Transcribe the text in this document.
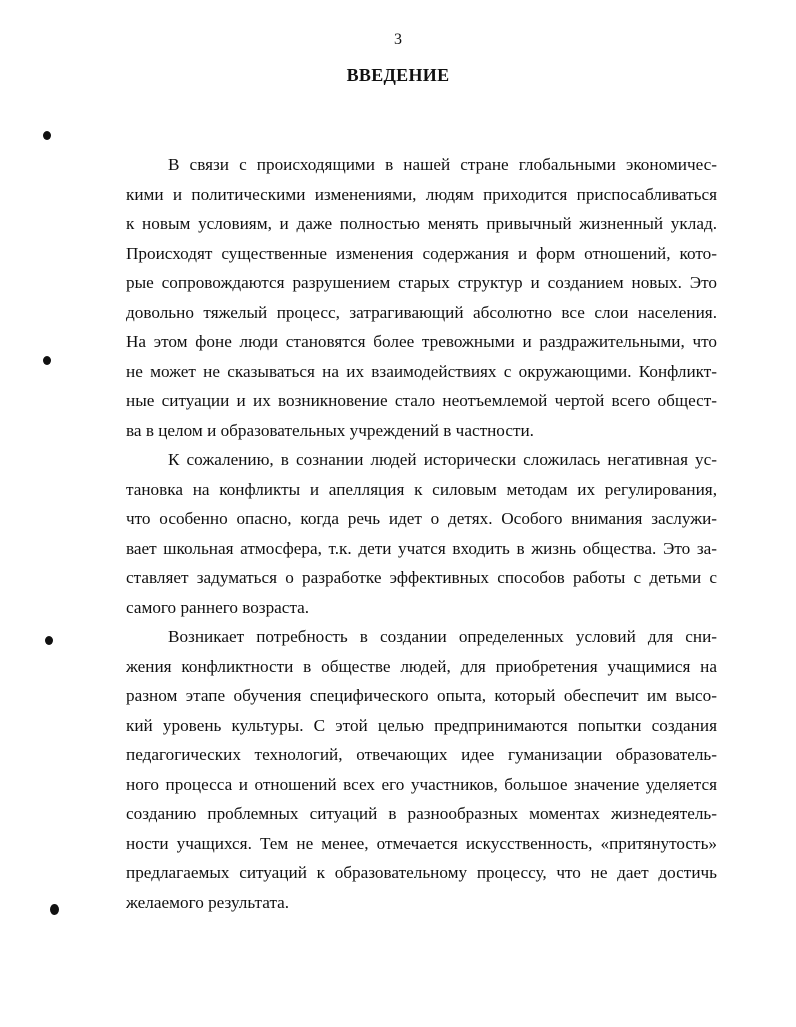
3
ВВЕДЕНИЕ

В связи с происходящими в нашей стране глобальными экономичес-
кими и политическими изменениями, людям приходится приспосабливаться
к новым условиям, и даже полностью менять привычный жизненный уклад.
Происходят существенные изменения содержания и форм отношений, кото-
рые сопровождаются разрушением старых структур и созданием новых. Это
довольно тяжелый процесс, затрагивающий абсолютно все слои населения.
На этом фоне люди становятся более тревожными и раздражительными, что
не может не сказываться на их взаимодействиях с окружающими. Конфликт-
ные ситуации и их возникновение стало неотъемлемой чертой всего общест-
ва в целом и образовательных учреждений в частности.

К сожалению, в сознании людей исторически сложилась негативная ус-
тановка на конфликты и апелляция к силовым методам их регулирования,
что особенно опасно, когда речь идет о детях. Особого внимания заслужи-
вает школьная атмосфера, т.к. дети учатся входить в жизнь общества. Это за-
ставляет задуматься о разработке эффективных способов работы с детьми с
самого раннего возраста.

Возникает потребность в создании определенных условий для сни-
жения конфликтности в обществе людей, для приобретения учащимися на
разном этапе обучения специфического опыта, который обеспечит им высо-
кий уровень культуры. С этой целью предпринимаются попытки создания
педагогических технологий, отвечающих идее гуманизации образователь-
ного процесса и отношений всех его участников, большое значение уделяется
созданию проблемных ситуаций в разнообразных моментах жизнедеятель-
ности учащихся. Тем не менее, отмечается искусственность, «притянутость»
предлагаемых ситуаций к образовательному процессу, что не дает достичь
желаемого результата.
